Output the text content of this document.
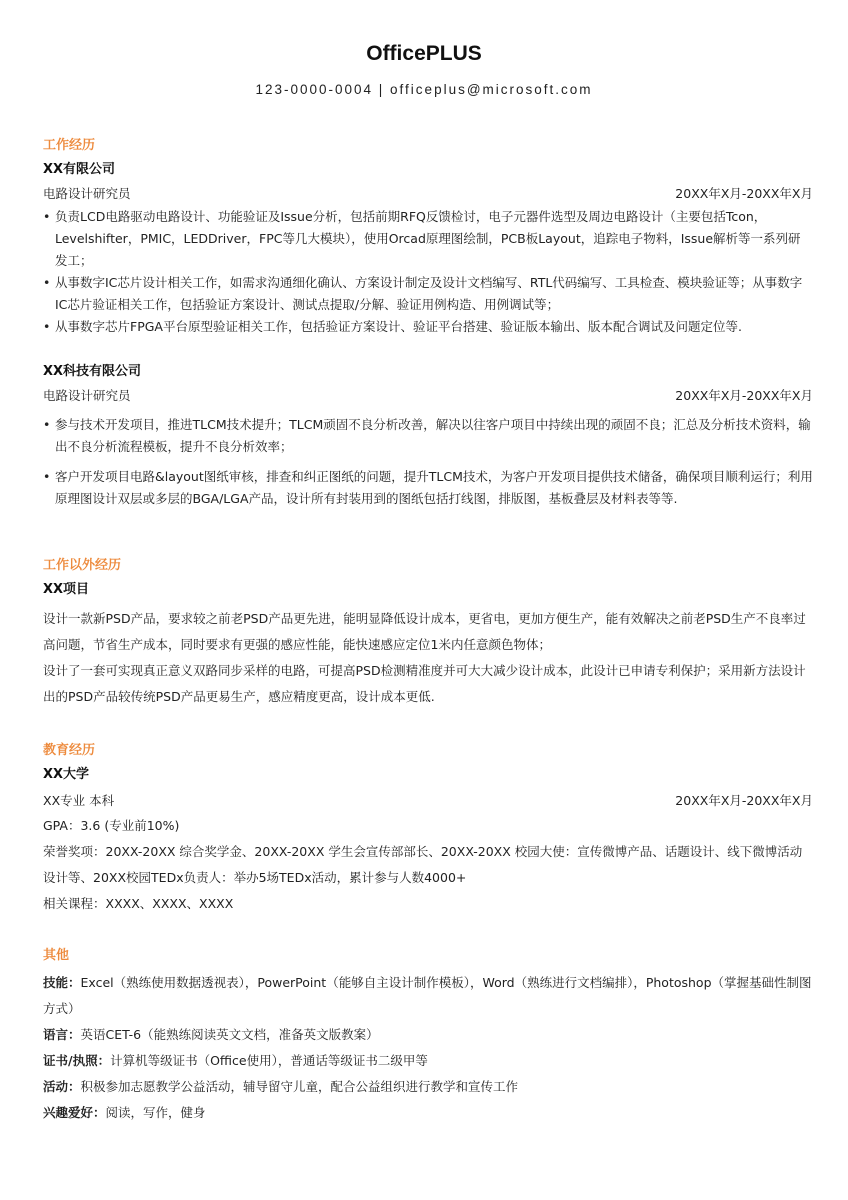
OfficePLUS
123-0000-0004 | officeplus@microsoft.com
工作经历
XX有限公司
电路设计研究员	20XX年X月-20XX年X月
• 负责LCD电路驱动电路设计、功能验证及Issue分析，包括前期RFQ反馈检讨，电子元器件选型及周边电路设计（主要包括Tcon，Levelshifter，PMIC，LEDDriver，FPC等几大模块），使用Orcad原理图绘制，PCB板Layout，追踪电子物料，Issue解析等一系列研发工；
• 从事数字IC芯片设计相关工作，如需求沟通细化确认、方案设计制定及设计文档编写、RTL代码编写、工具检查、模块验证等；从事数字IC芯片验证相关工作，包括验证方案设计、测试点提取/分解、验证用例构造、用例调试等；
• 从事数字芯片FPGA平台原型验证相关工作，包括验证方案设计、验证平台搭建、验证版本输出、版本配合调试及问题定位等.
XX科技有限公司
电路设计研究员	20XX年X月-20XX年X月
• 参与技术开发项目，推进TLCM技术提升；TLCM顽固不良分析改善，解决以往客户项目中持续出现的顽固不良；汇总及分析技术资料，输出不良分析流程模板，提升不良分析效率；
• 客户开发项目电路&layout图纸审核，排查和纠正图纸的问题，提升TLCM技术，为客户开发项目提供技术储备，确保项目顺利运行；利用原理图设计双层或多层的BGA/LGA产品，设计所有封装用到的图纸包括打线图，排版图，基板叠层及材料表等等.
工作以外经历
XX项目
设计一款新PSD产品，要求较之前老PSD产品更先进，能明显降低设计成本，更省电，更加方便生产，能有效解决之前老PSD生产不良率过高问题，节省生产成本，同时要求有更强的感应性能，能快速感应定位1米内任意颜色物体；
设计了一套可实现真正意义双路同步采样的电路，可提高PSD检测精准度并可大大减少设计成本，此设计已申请专利保护；采用新方法设计出的PSD产品较传统PSD产品更易生产，感应精度更高，设计成本更低.
教育经历
XX大学
XX专业 本科	20XX年X月-20XX年X月
GPA：3.6 (专业前10%)
荣誉奖项：20XX-20XX 综合奖学金、20XX-20XX 学生会宣传部部长、20XX-20XX 校园大使：宣传微博产品、话题设计、线下微博活动设计等、20XX校园TEDx负责人：举办5场TEDx活动，累计参与人数4000+
相关课程：XXXX、XXXX、XXXX
其他
技能：Excel（熟练使用数据透视表），PowerPoint（能够自主设计制作模板），Word（熟练进行文档编排），Photoshop（掌握基础性制图方式）
语言：英语CET-6（能熟练阅读英文文档，准备英文版教案）
证书/执照：计算机等级证书（Office使用），普通话等级证书二级甲等
活动：积极参加志愿教学公益活动，辅导留守儿童，配合公益组织进行教学和宣传工作
兴趣爱好：阅读，写作，健身
